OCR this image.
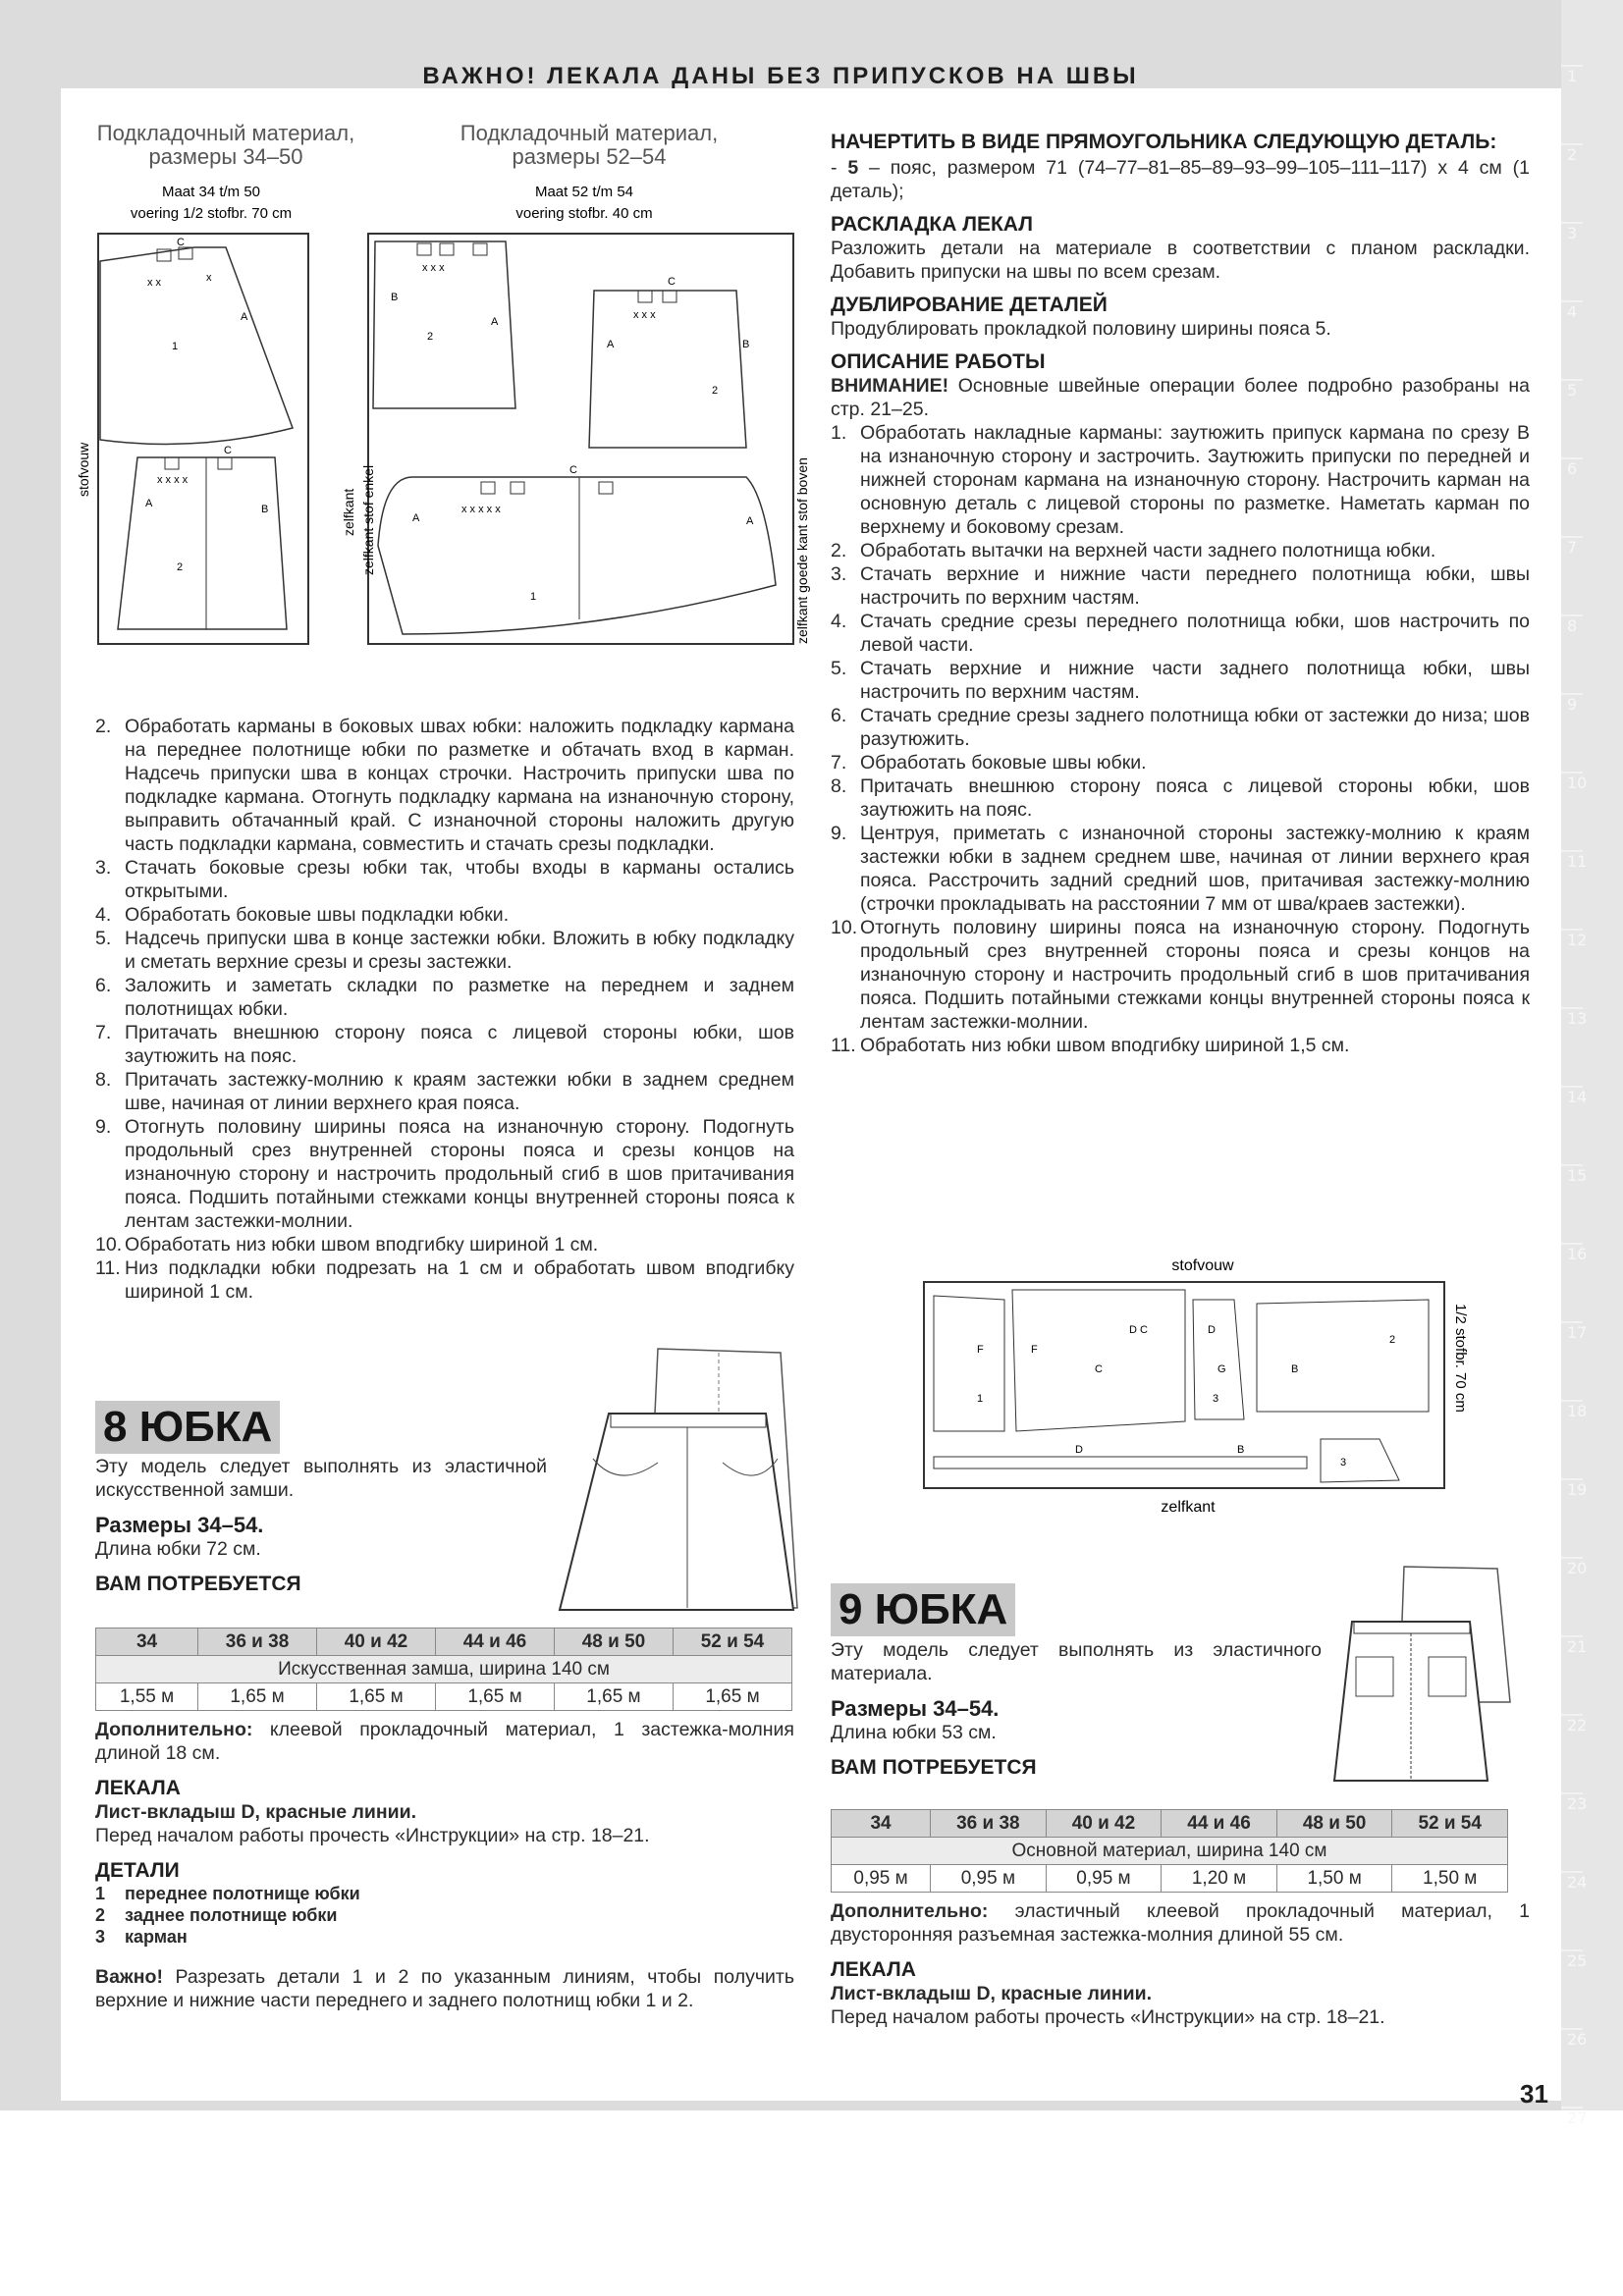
1
2
3
4
5
6
7
8
9
10
11
12
13
14
15
16
17
18
19
20
21
22
23
24
25
26
27
ВАЖНО! ЛЕКАЛА ДАНЫ БЕЗ ПРИПУСКОВ НА ШВЫ
Подкладочный материал,
размеры 34–50
Подкладочный материал,
размеры 52–54
Maat 34 t/m 50
voering 1/2 stofbr. 70 cm
Maat 52 t/m 54
voering stofbr. 40 cm
x x	x
C
A
1
x x x x
C
A	B
2
stofvouw
x x x
B
A
2
x x x
C
A	B
2
x x x x x
C
A	A
1
zelfkant zelfkant stof enkel	zelfkant goede kant stof boven
2. Обработать карманы в боковых швах юбки: наложить подкладку кармана на переднее полотнище юбки по разметке и обтачать вход в карман. Надсечь припуски шва в концах строчки. Настрочить припуски шва по подкладке кармана. Отогнуть подкладку кармана на изнаночную сторону, выправить обтачанный край. С изнаночной стороны наложить другую часть подкладки кармана, совместить и стачать срезы подкладки.
3. Стачать боковые срезы юбки так, чтобы входы в карманы остались открытыми.
4. Обработать боковые швы подкладки юбки.
5. Надсечь припуски шва в конце застежки юбки. Вложить в юбку подкладку и сметать верхние срезы и срезы застежки.
6. Заложить и заметать складки по разметке на переднем и заднем полотнищах юбки.
7. Притачать внешнюю сторону пояса с лицевой стороны юбки, шов заутюжить на пояс.
8. Притачать застежку-молнию к краям застежки юбки в заднем среднем шве, начиная от линии верхнего края пояса.
9. Отогнуть половину ширины пояса на изнаночную сторону. Подогнуть продольный срез внутренней стороны пояса и срезы концов на изнаночную сторону и настрочить продольный сгиб в шов притачивания пояса. Подшить потайными стежками концы внутренней стороны пояса к лентам застежки-молнии.
10. Обработать низ юбки швом вподгибку шириной 1 см.
11. Низ подкладки юбки подрезать на 1 см и обработать швом вподгибку шириной 1 см.

НАЧЕРТИТЬ В ВИДЕ ПРЯМОУГОЛЬНИКА СЛЕДУЮЩУЮ ДЕТАЛЬ:

- 5 – пояс, размером 71 (74–77–81–85–89–93–99–105–111–117) х 4 см (1 деталь);

РАСКЛАДКА ЛЕКАЛ

Разложить детали на материале в соответствии с планом раскладки. Добавить припуски на швы по всем срезам.

ДУБЛИРОВАНИЕ ДЕТАЛЕЙ

Продублировать прокладкой половину ширины пояса 5.

ОПИСАНИЕ РАБОТЫ

ВНИМАНИЕ! Основные швейные операции более подробно разобраны на стр. 21–25.

1. Обработать накладные карманы: заутюжить припуск кармана по срезу B на изнаночную сторону и застрочить. Заутюжить припуски по передней и нижней сторонам кармана на изнаночную сторону. Настрочить карман на основную деталь с лицевой стороны по разметке. Наметать карман по верхнему и боковому срезам.
2. Обработать вытачки на верхней части заднего полотнища юбки.
3. Стачать верхние и нижние части переднего полотнища юбки, швы настрочить по верхним частям.
4. Стачать средние срезы переднего полотнища юбки, шов настрочить по левой части.
5. Стачать верхние и нижние части заднего полотнища юбки, швы настрочить по верхним частям.
6. Стачать средние срезы заднего полотнища юбки от застежки до низа; шов разутюжить.
7. Обработать боковые швы юбки.
8. Притачать внешнюю сторону пояса с лицевой стороны юбки, шов заутюжить на пояс.
9. Центруя, приметать с изнаночной стороны застежку-молнию к краям застежки юбки в заднем среднем шве, начиная от линии верхнего края пояса. Расстрочить задний средний шов, притачивая застежку-молнию (строчки прокладывать на расстоянии 7 мм от шва/краев застежки).
10. Отогнуть половину ширины пояса на изнаночную сторону. Подогнуть продольный срез внутренней стороны пояса и срезы концов на изнаночную сторону и настрочить продольный сгиб в шов притачивания пояса. Подшить потайными стежками концы внутренней стороны пояса к лентам застежки-молнии.
11. Обработать низ юбки швом вподгибку шириной 1,5 см.
stofvouw
F	F
D C	D
G	B
2
C
1	3
D	B
3
1/2 stofbr. 70 cm
zelfkant
8 ЮБКА

Эту модель следует выполнять из эластичной искусственной замши.

Размеры 34–54.

Длина юбки 72 см.

ВАМ ПОТРЕБУЕТСЯ

34	36 и 38	40 и 42	44 и 46	48 и 50	52 и 54
Искусственная замша, ширина 140 см					
1,55 м	1,65 м	1,65 м	1,65 м	1,65 м	1,65 м

Дополнительно: клеевой прокладочный материал, 1 застежка-молния длиной 18 см.

ЛЕКАЛА

Лист-вкладыш D, красные линии.

Перед началом работы прочесть «Инструкции» на стр. 18–21.

ДЕТАЛИ

1 переднее полотнище юбки
2 заднее полотнище юбки
3 карман

Важно! Разрезать детали 1 и 2 по указанным линиям, чтобы получить верхние и нижние части переднего и заднего полотнищ юбки 1 и 2.

9 ЮБКА

Эту модель следует выполнять из эластичного материала.

Размеры 34–54.

Длина юбки 53 см.

ВАМ ПОТРЕБУЕТСЯ

34	36 и 38	40 и 42	44 и 46	48 и 50	52 и 54
Основной материал, ширина 140 см					
0,95 м	0,95 м	0,95 м	1,20 м	1,50 м	1,50 м

Дополнительно: эластичный клеевой прокладочный материал, 1 двусторонняя разъемная застежка-молния длиной 55 см.

ЛЕКАЛА

Лист-вкладыш D, красные линии.

Перед началом работы прочесть «Инструкции» на стр. 18–21.

31
